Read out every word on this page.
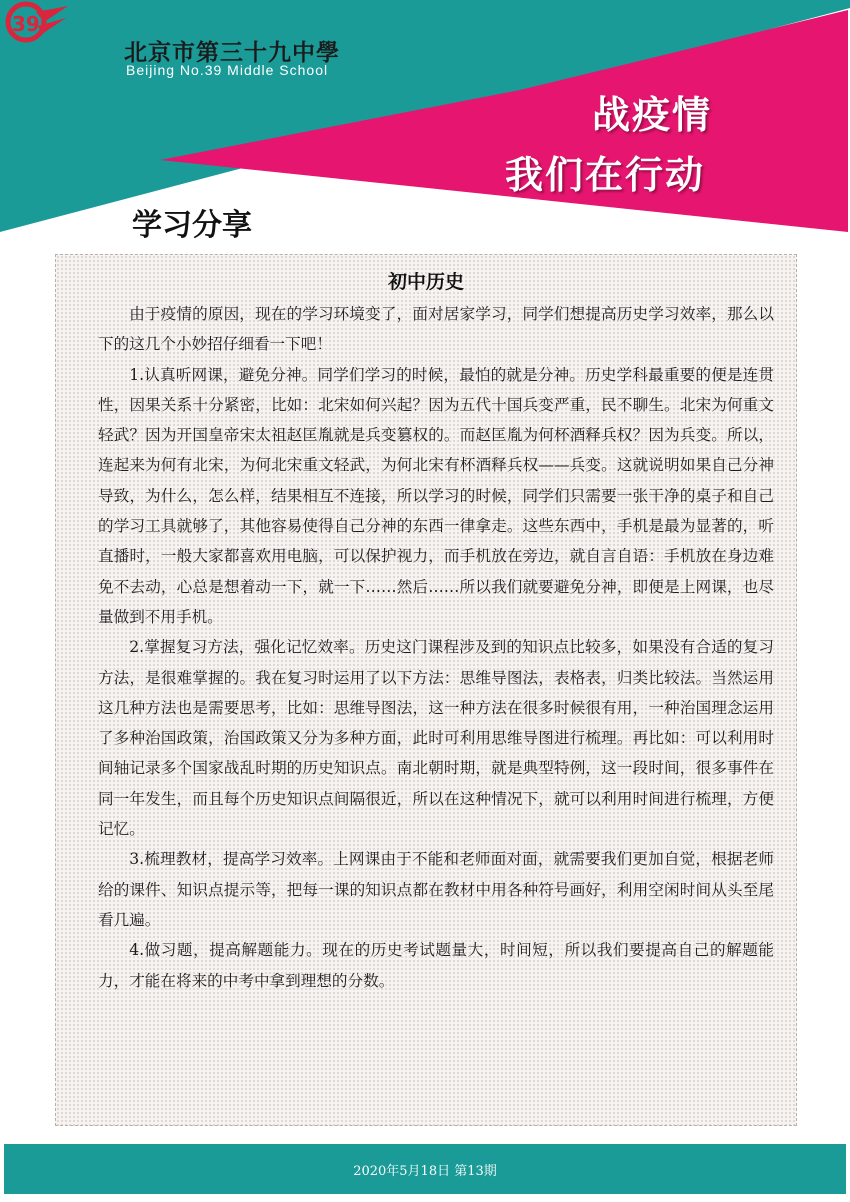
39
北京市第三十九中學
Beijing No.39 Middle School
战疫情
我们在行动
学习分享
初中历史

由于疫情的原因，现在的学习环境变了，面对居家学习，同学们想提高历史学习效率，那么以下的这几个小妙招仔细看一下吧！

1.认真听网课，避免分神。同学们学习的时候，最怕的就是分神。历史学科最重要的便是连贯性，因果关系十分紧密，比如：北宋如何兴起？因为五代十国兵变严重，民不聊生。北宋为何重文轻武？因为开国皇帝宋太祖赵匡胤就是兵变篡权的。而赵匡胤为何杯酒释兵权？因为兵变。所以，连起来为何有北宋，为何北宋重文轻武，为何北宋有杯酒释兵权——兵变。这就说明如果自己分神导致，为什么，怎么样，结果相互不连接，所以学习的时候，同学们只需要一张干净的桌子和自己的学习工具就够了，其他容易使得自己分神的东西一律拿走。这些东西中，手机是最为显著的，听直播时，一般大家都喜欢用电脑，可以保护视力，而手机放在旁边，就自言自语：手机放在身边难免不去动，心总是想着动一下，就一下……然后……所以我们就要避免分神，即便是上网课，也尽量做到不用手机。

2.掌握复习方法，强化记忆效率。历史这门课程涉及到的知识点比较多，如果没有合适的复习方法，是很难掌握的。我在复习时运用了以下方法：思维导图法，表格表，归类比较法。当然运用这几种方法也是需要思考，比如：思维导图法，这一种方法在很多时候很有用，一种治国理念运用了多种治国政策，治国政策又分为多种方面，此时可利用思维导图进行梳理。再比如：可以利用时间轴记录多个国家战乱时期的历史知识点。南北朝时期，就是典型特例，这一段时间，很多事件在同一年发生，而且每个历史知识点间隔很近，所以在这种情况下，就可以利用时间进行梳理，方便记忆。

3.梳理教材，提高学习效率。上网课由于不能和老师面对面，就需要我们更加自觉，根据老师给的课件、知识点提示等，把每一课的知识点都在教材中用各种符号画好，利用空闲时间从头至尾看几遍。

4.做习题，提高解题能力。现在的历史考试题量大，时间短，所以我们要提高自己的解题能力，才能在将来的中考中拿到理想的分数。

2020年5月18日 第13期
